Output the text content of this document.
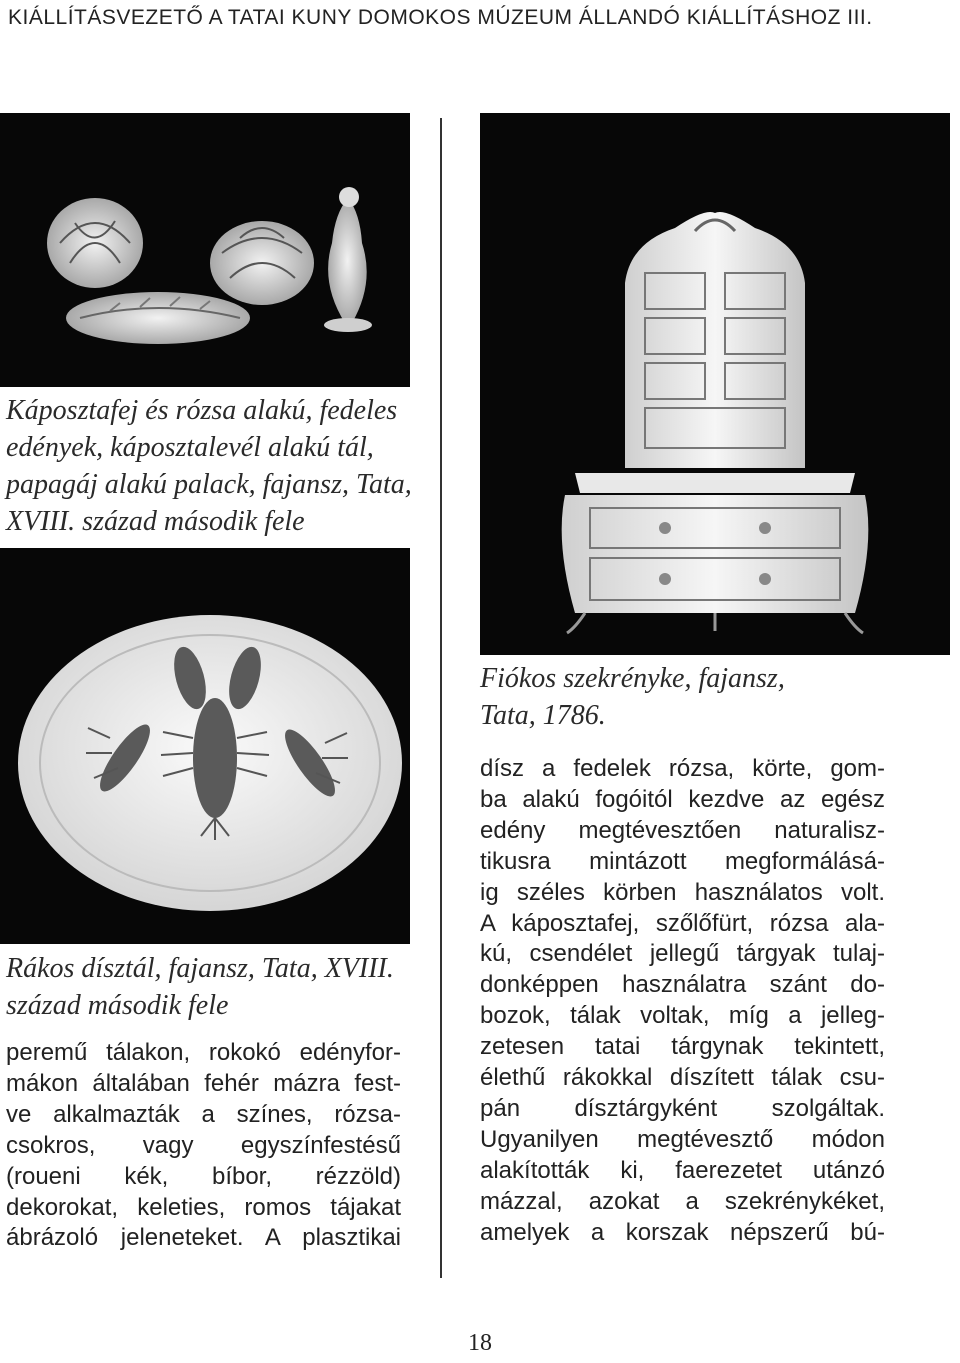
KIÁLLÍTÁSVEZETŐ A TATAI KUNY DOMOKOS MÚZEUM ÁLLANDÓ KIÁLLÍTÁSHOZ III.
Káposztafej és rózsa alakú, fedeles
edények, káposztalevél alakú tál,
papagáj alakú palack, fajansz, Tata,
XVIII. század második fele
Rákos dísztál, fajansz, Tata, XVIII.
század második fele
peremű tálakon, rokokó edényfor-
mákon általában fehér mázra fest-
ve alkalmazták a színes, rózsa-
csokros, vagy egyszínfestésű
(roueni kék, bíbor, rézzöld)
dekorokat, keleties, romos tájakat
ábrázoló jeleneteket. A plasztikai
Fiókos szekrényke, fajansz,
Tata, 1786.
dísz a fedelek rózsa, körte, gom-
ba alakú fogóitól kezdve az egész
edény megtévesztően naturalisz-
tikusra mintázott megformálásá-
ig széles körben használatos volt.
A káposztafej, szőlőfürt, rózsa ala-
kú, csendélet jellegű tárgyak tulaj-
donképpen használatra szánt do-
bozok, tálak voltak, míg a jelleg-
zetesen tatai tárgynak tekintett,
élethű rákokkal díszített tálak csu-
pán dísztárgyként szolgáltak.
Ugyanilyen megtévesztő módon
alakították ki, faerezetet utánzó
mázzal, azokat a szekrénykéket,
amelyek a korszak népszerű bú-
18
